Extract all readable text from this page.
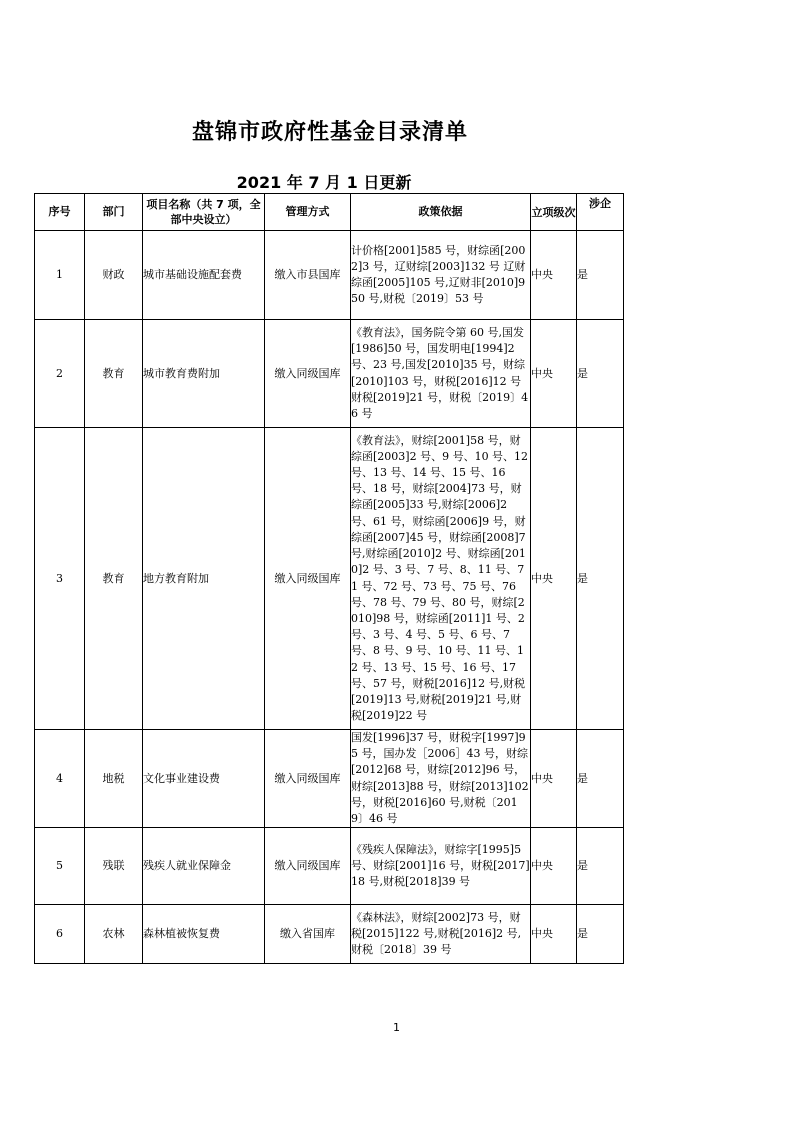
盘锦市政府性基金目录清单
2021 年 7 月 1 日更新
序号	部门	项目名称（共 7 项，全部中央设立）	管理方式	政策依据	立项级次	涉企
1	财政	城市基础设施配套费	缴入市县国库	计价格[2001]585 号，财综函[2002]3 号，辽财综[2003]132 号 辽财综函[2005]105 号,辽财非[2010]950 号,财税〔2019〕53 号	中央	是
2	教育	城市教育费附加	缴入同级国库	《教育法》，国务院令第 60 号,国发[1986]50 号，国发明电[1994]2 号、23 号,国发[2010]35 号，财综[2010]103 号，财税[2016]12 号财税[2019]21 号，财税〔2019〕46 号	中央	是
3	教育	地方教育附加	缴入同级国库	《教育法》，财综[2001]58 号，财综函[2003]2 号、9 号、10 号、12 号、13 号、14 号、15 号、16 号、18 号，财综[2004]73 号，财综函[2005]33 号,财综[2006]2 号、61 号，财综函[2006]9 号，财综函[2007]45 号，财综函[2008]7 号,财综函[2010]2 号、财综函[2010]2 号、3 号、7 号、8、11 号、71 号、72 号、73 号、75 号、76 号、78 号、79 号、80 号，财综[2010]98 号，财综函[2011]1 号、2 号、3 号、4 号、5 号、6 号、7 号、8 号、9 号、10 号、11 号、12 号、13 号、15 号、16 号、17 号、57 号，财税[2016]12 号,财税[2019]13 号,财税[2019]21 号,财税[2019]22 号	中央	是
4	地税	文化事业建设费	缴入同级国库	国发[1996]37 号，财税字[1997]95 号，国办发［2006］43 号，财综[2012]68 号，财综[2012]96 号，财综[2013]88 号，财综[2013]102 号，财税[2016]60 号,财税〔2019〕46 号	中央	是
5	残联	残疾人就业保障金	缴入同级国库	《残疾人保障法》，财综字[1995]5 号、财综[2001]16 号，财税[2017]18 号,财税[2018]39 号	中央	是
6	农林	森林植被恢复费	缴入省国库	《森林法》，财综[2002]73 号，财税[2015]122 号,财税[2016]2 号,财税〔2018〕39 号	中央	是
1
